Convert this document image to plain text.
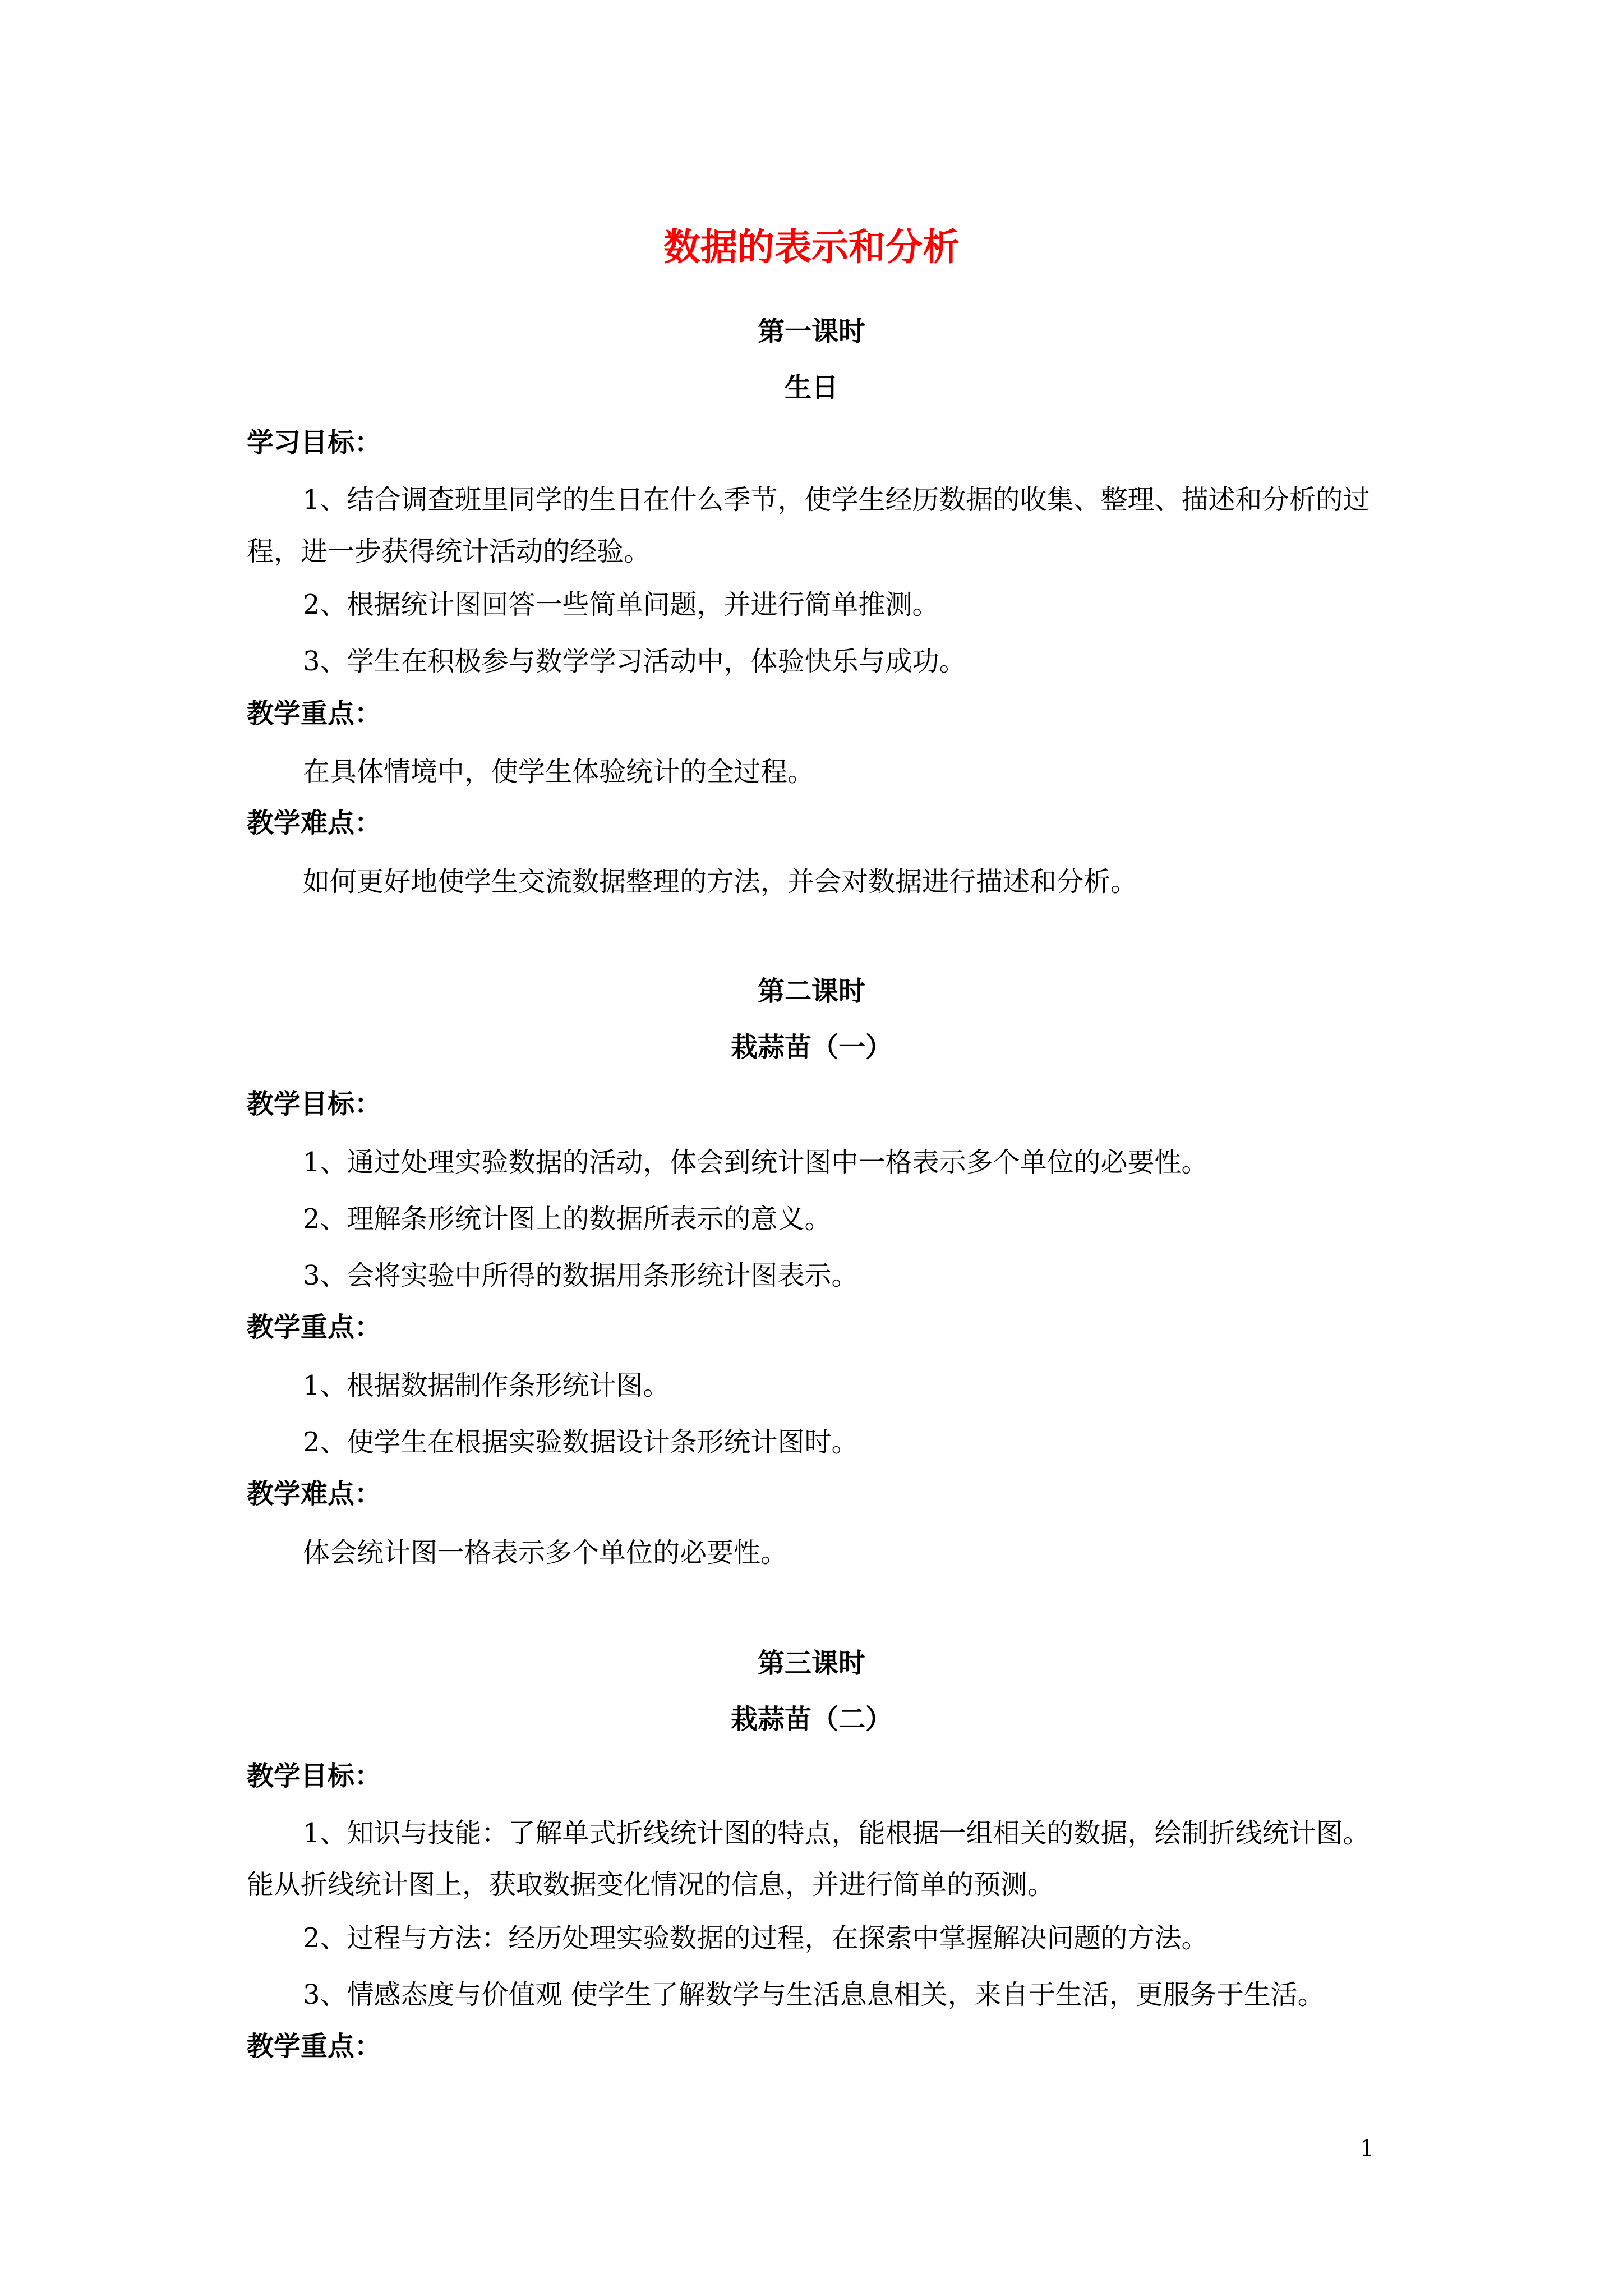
数据的表示和分析
第一课时
生日
学习目标：
1、结合调查班里同学的生日在什么季节，使学生经历数据的收集、整理、描述和分析的过程，进一步获得统计活动的经验。
2、根据统计图回答一些简单问题，并进行简单推测。
3、学生在积极参与数学学习活动中，体验快乐与成功。
教学重点：
在具体情境中，使学生体验统计的全过程。
教学难点：
如何更好地使学生交流数据整理的方法，并会对数据进行描述和分析。
第二课时
栽蒜苗（一）
教学目标：
1、通过处理实验数据的活动，体会到统计图中一格表示多个单位的必要性。
2、理解条形统计图上的数据所表示的意义。
3、会将实验中所得的数据用条形统计图表示。
教学重点：
1、根据数据制作条形统计图。
2、使学生在根据实验数据设计条形统计图时。
教学难点：
体会统计图一格表示多个单位的必要性。
第三课时
栽蒜苗（二）
教学目标：
1、知识与技能：了解单式折线统计图的特点，能根据一组相关的数据，绘制折线统计图。能从折线统计图上，获取数据变化情况的信息，并进行简单的预测。
2、过程与方法：经历处理实验数据的过程，在探索中掌握解决问题的方法。
3、情感态度与价值观 使学生了解数学与生活息息相关，来自于生活，更服务于生活。
教学重点：
1
